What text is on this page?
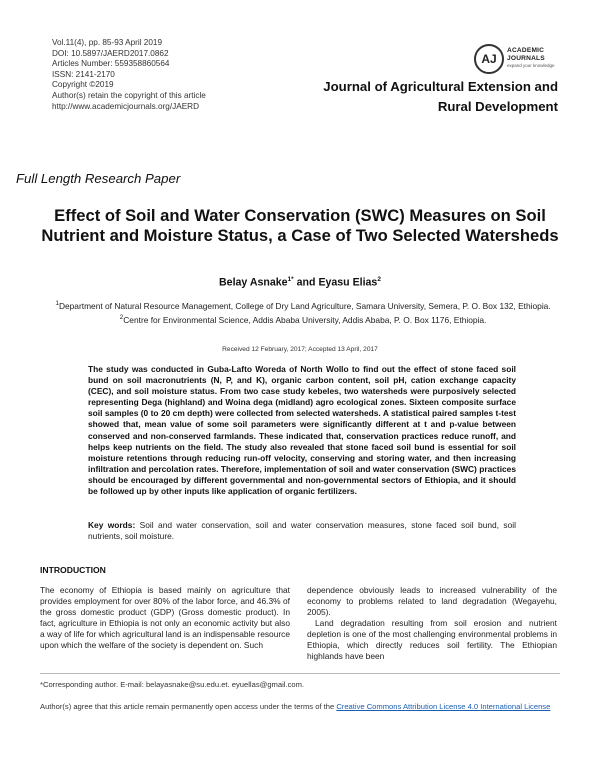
Vol.11(4), pp. 85-93 April 2019
DOI: 10.5897/JAERD2017.0862
Articles Number: 559358860564
ISSN: 2141-2170
Copyright ©2019
Author(s) retain the copyright of this article
http://www.academicjournals.org/JAERD
AJ
ACADEMIC
JOURNALS
expand your knowledge
Journal of Agricultural Extension and
Rural Development
Full Length Research Paper
Effect of Soil and Water Conservation (SWC) Measures on Soil Nutrient and Moisture Status, a Case of Two Selected Watersheds
Belay Asnake$^{1*}$ and Eyasu Elias$^2$
$^1$Department of Natural Resource Management, College of Dry Land Agriculture, Samara University, Semera, P. O. Box 132, Ethiopia.
$^2$Centre for Environmental Science, Addis Ababa University, Addis Ababa, P. O. Box 1176, Ethiopia.
Received 12 February, 2017; Accepted 13 April, 2017
The study was conducted in Guba-Lafto Woreda of North Wollo to find out the effect of stone faced soil bund on soil macronutrients (N, P, and K), organic carbon content, soil pH, cation exchange capacity (CEC), and soil moisture status. From two case study kebeles, two watersheds were purposively selected representing Dega (highland) and Woina dega (midland) agro ecological zones. Sixteen composite surface soil samples (0 to 20 cm depth) were collected from selected watersheds. A statistical paired samples t-test showed that, mean value of some soil parameters were significantly different at t and p-value between conserved and non-conserved farmlands. These indicated that, conservation practices reduce runoff, and helps keep nutrients on the field. The study also revealed that stone faced soil bund is essential for soil moisture retentions through reducing run-off velocity, conserving and storing water, and then increasing infiltration and percolation rates. Therefore, implementation of soil and water conservation (SWC) practices should be encouraged by different governmental and non-governmental sectors of Ethiopia, and it should be followed up by other inputs like application of organic fertilizers.
Key words: Soil and water conservation, soil and water conservation measures, stone faced soil bund, soil nutrients, soil moisture.
INTRODUCTION

The economy of Ethiopia is based mainly on agriculture that provides employment for over 80% of the labor force, and 46.3% of the gross domestic product (GDP) (Gross domestic product). In fact, agriculture in Ethiopia is not only an economic activity but also a way of life for which agricultural land is an indispensable resource upon which the welfare of the society is dependent on. Such

dependence obviously leads to increased vulnerability of the economy to problems related to land degradation (Wegayehu, 2005).

Land degradation resulting from soil erosion and nutrient depletion is one of the most challenging environmental problems in Ethiopia, which directly reduces soil fertility. The Ethiopian highlands have been

*Corresponding author. E-mail: belayasnake@su.edu.et. eyuellas@gmail.com.
Author(s) agree that this article remain permanently open access under the terms of the Creative Commons Attribution License 4.0 International License
